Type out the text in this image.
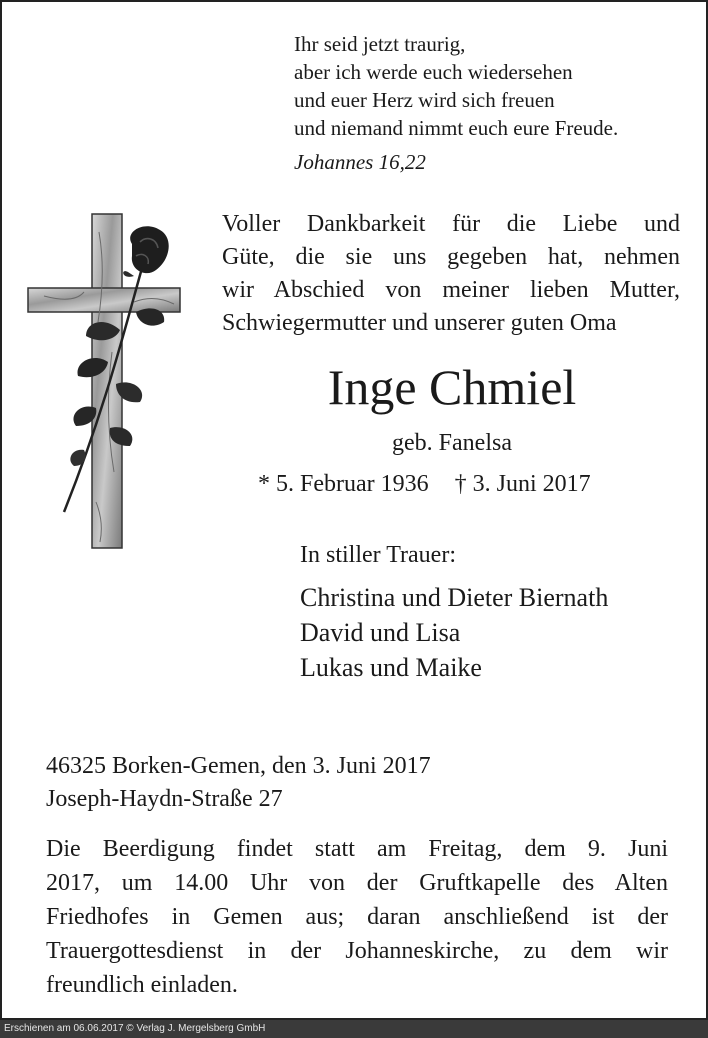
Ihr seid jetzt traurig,
aber ich werde euch wiedersehen
und euer Herz wird sich freuen
und niemand nimmt euch eure Freude.
Johannes 16,22
Voller Dankbarkeit für die Liebe und
Güte, die sie uns gegeben hat, nehmen
wir Abschied von meiner lieben Mutter,
Schwiegermutter und unserer guten Oma
Inge Chmiel
geb. Fanelsa
* 5. Februar 1936 † 3. Juni 2017
In stiller Trauer:
Christina und Dieter Biernath
David und Lisa
Lukas und Maike
46325 Borken-Gemen, den 3. Juni 2017
Joseph-Haydn-Straße 27
Die Beerdigung findet statt am Freitag, dem 9. Juni
2017, um 14.00 Uhr von der Gruftkapelle des Alten
Friedhofes in Gemen aus; daran anschließend ist der
Trauergottesdienst in der Johanneskirche, zu dem wir
freundlich einladen.
Erschienen am 06.06.2017 © Verlag J. Mergelsberg GmbH
